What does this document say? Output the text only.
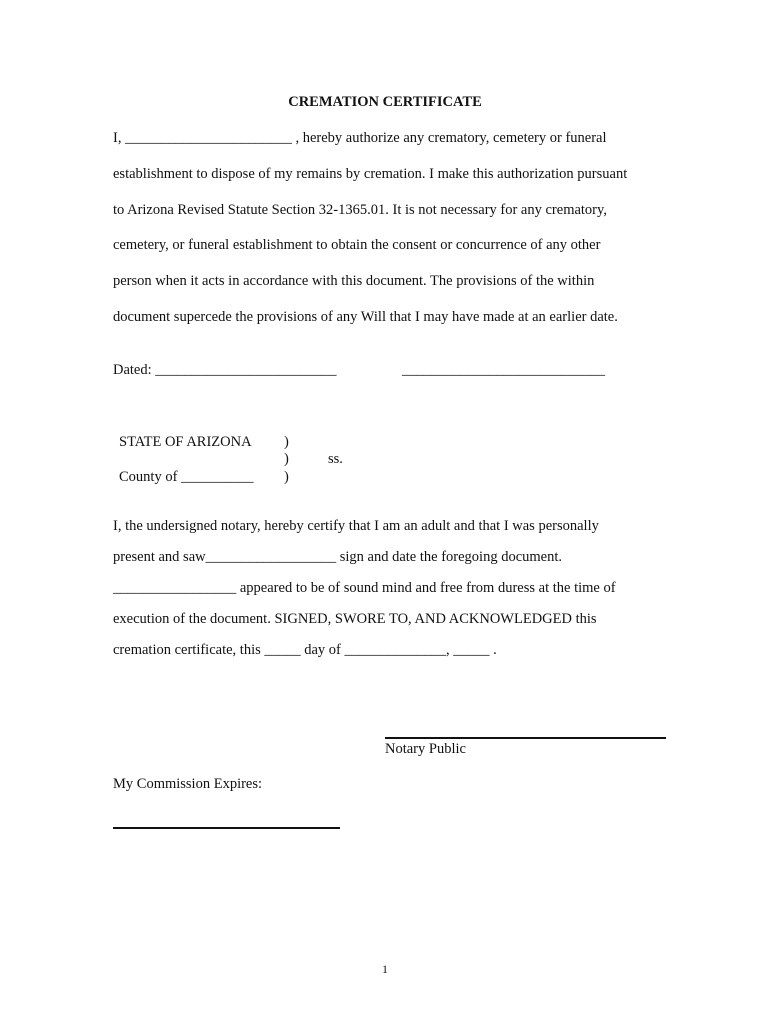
CREMATION CERTIFICATE
I, _______________________ , hereby authorize any crematory, cemetery or funeral
establishment to dispose of my remains by cremation. I make this authorization pursuant
to Arizona Revised Statute Section 32-1365.01. It is not necessary for any crematory,
cemetery, or funeral establishment to obtain the consent or concurrence of any other
person when it acts in accordance with this document. The provisions of the within
document supercede the provisions of any Will that I may have made at an earlier date.
Dated: _________________________	____________________________
STATE OF ARIZONA )
)	ss.
County of __________ )
I, the undersigned notary, hereby certify that I am an adult and that I was personally
present and saw__________________ sign and date the foregoing document.
_________________ appeared to be of sound mind and free from duress at the time of
execution of the document. SIGNED, SWORE TO, AND ACKNOWLEDGED this
cremation certificate, this _____ day of ______________, _____ .
Notary Public
My Commission Expires:
1
